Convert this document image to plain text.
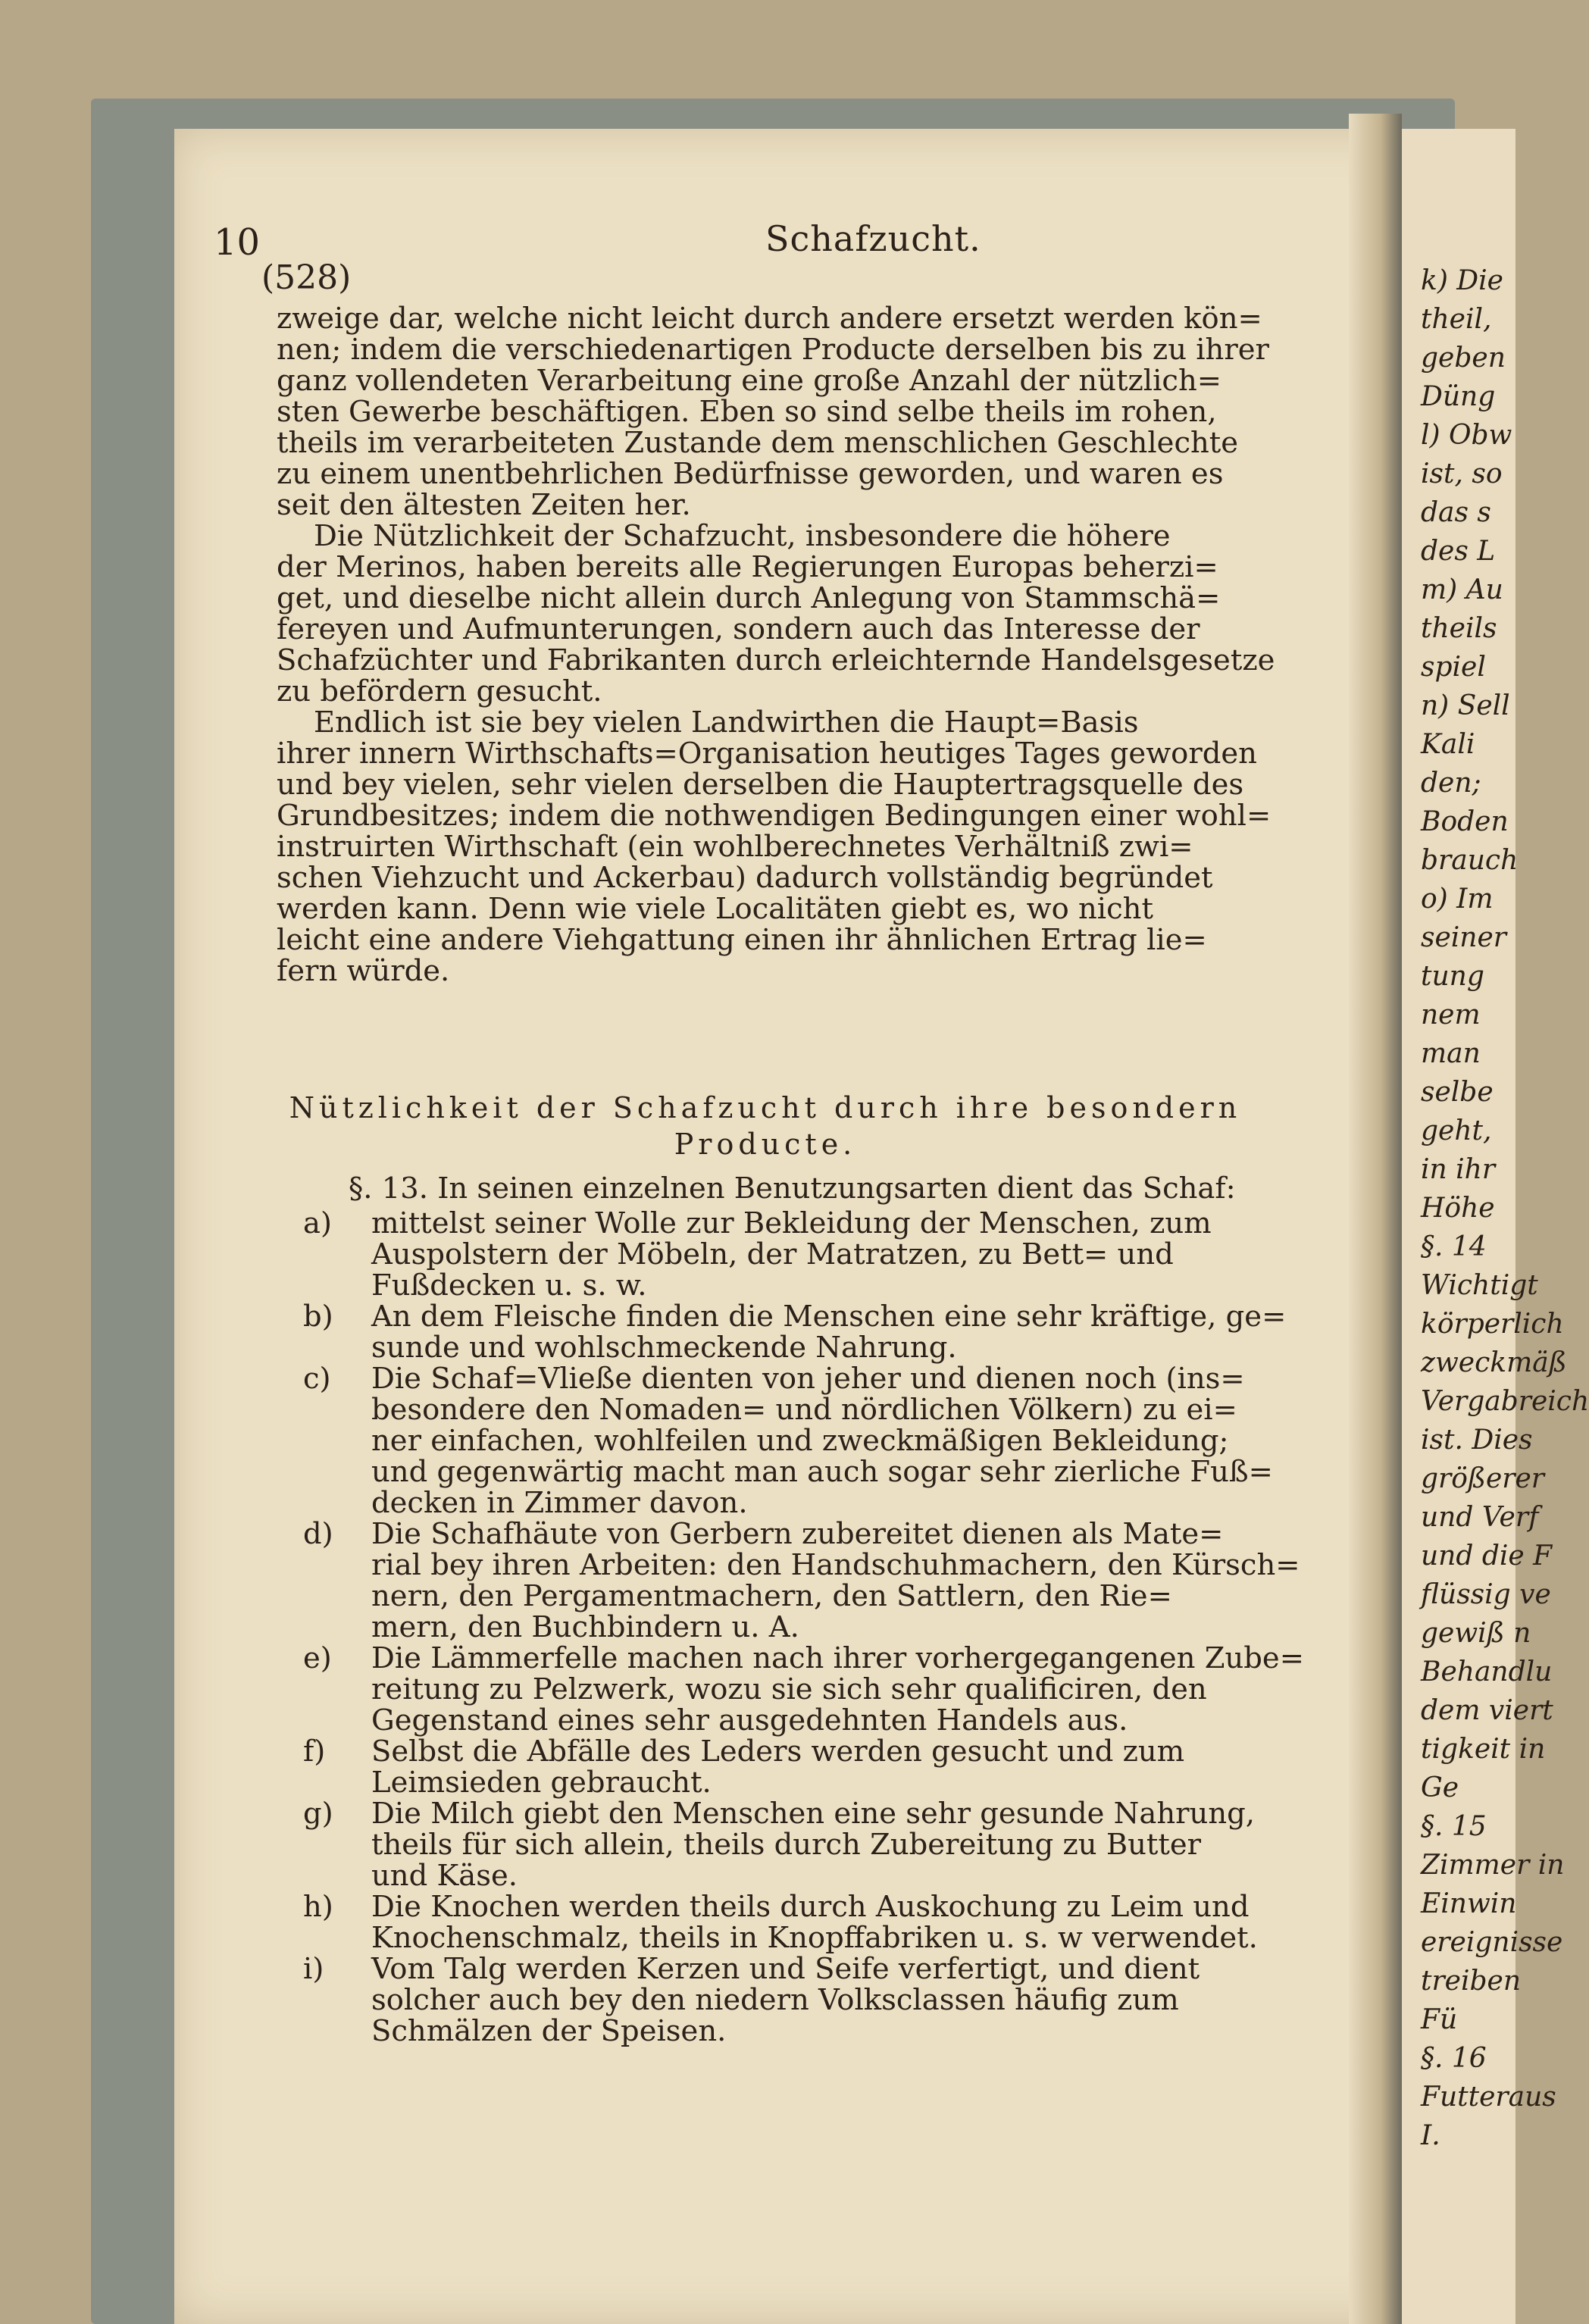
k) Die
theil,
geben
Düng
l) Obw
ist, so
das s
des L
m) Au
theils
spiel
n) Sell
Kali
den;
Boden
brauch
o) Im
seiner
tung
nem
man
selbe
geht,
in ihr
Höhe
§. 14
Wichtigt
körperlich
zweckmäß
Vergabreich
ist. Dies
größerer
und Verf
und die F
flüssig ve
gewiß n
Behandlu
dem viert
tigkeit in
Ge
§. 15
Zimmer in
Einwin
ereignisse
treiben
Fü
§. 16
Futteraus
I.
10	Schafzucht.
(528)

zweige dar, welche nicht leicht durch andere ersetzt werden kön=

nen; indem die verschiedenartigen Producte derselben bis zu ihrer

ganz vollendeten Verarbeitung eine große Anzahl der nützlich=

sten Gewerbe beschäftigen. Eben so sind selbe theils im rohen,

theils im verarbeiteten Zustande dem menschlichen Geschlechte

zu einem unentbehrlichen Bedürfnisse geworden, und waren es

seit den ältesten Zeiten her.

Die Nützlichkeit der Schafzucht, insbesondere die höhere

der Merinos, haben bereits alle Regierungen Europas beherzi=

get, und dieselbe nicht allein durch Anlegung von Stammschä=

fereyen und Aufmunterungen, sondern auch das Interesse der

Schafzüchter und Fabrikanten durch erleichternde Handelsgesetze

zu befördern gesucht.

Endlich ist sie bey vielen Landwirthen die Haupt=Basis

ihrer innern Wirthschafts=Organisation heutiges Tages geworden

und bey vielen, sehr vielen derselben die Hauptertragsquelle des

Grundbesitzes; indem die nothwendigen Bedingungen einer wohl=

instruirten Wirthschaft (ein wohlberechnetes Verhältniß zwi=

schen Viehzucht und Ackerbau) dadurch vollständig begründet

werden kann. Denn wie viele Localitäten giebt es, wo nicht

leicht eine andere Viehgattung einen ihr ähnlichen Ertrag lie=

fern würde.

Nützlichkeit der Schafzucht durch ihre besondern
Producte.
§. 13. In seinen einzelnen Benutzungsarten dient das Schaf:
a) mittelst seiner Wolle zur Bekleidung der Menschen, zum
Auspolstern der Möbeln, der Matratzen, zu Bett= und
Fußdecken u. s. w.
b) An dem Fleische finden die Menschen eine sehr kräftige, ge=
sunde und wohlschmeckende Nahrung.
c) Die Schaf=Vließe dienten von jeher und dienen noch (ins=
besondere den Nomaden= und nördlichen Völkern) zu ei=
ner einfachen, wohlfeilen und zweckmäßigen Bekleidung;
und gegenwärtig macht man auch sogar sehr zierliche Fuß=
decken in Zimmer davon.
d) Die Schafhäute von Gerbern zubereitet dienen als Mate=
rial bey ihren Arbeiten: den Handschuhmachern, den Kürsch=
nern, den Pergamentmachern, den Sattlern, den Rie=
mern, den Buchbindern u. A.
e) Die Lämmerfelle machen nach ihrer vorhergegangenen Zube=
reitung zu Pelzwerk, wozu sie sich sehr qualificiren, den
Gegenstand eines sehr ausgedehnten Handels aus.
f) Selbst die Abfälle des Leders werden gesucht und zum
Leimsieden gebraucht.
g) Die Milch giebt den Menschen eine sehr gesunde Nahrung,
theils für sich allein, theils durch Zubereitung zu Butter
und Käse.
h) Die Knochen werden theils durch Auskochung zu Leim und
Knochenschmalz, theils in Knopffabriken u. s. w verwendet.
i) Vom Talg werden Kerzen und Seife verfertigt, und dient
solcher auch bey den niedern Volksclassen häufig zum
Schmälzen der Speisen.
